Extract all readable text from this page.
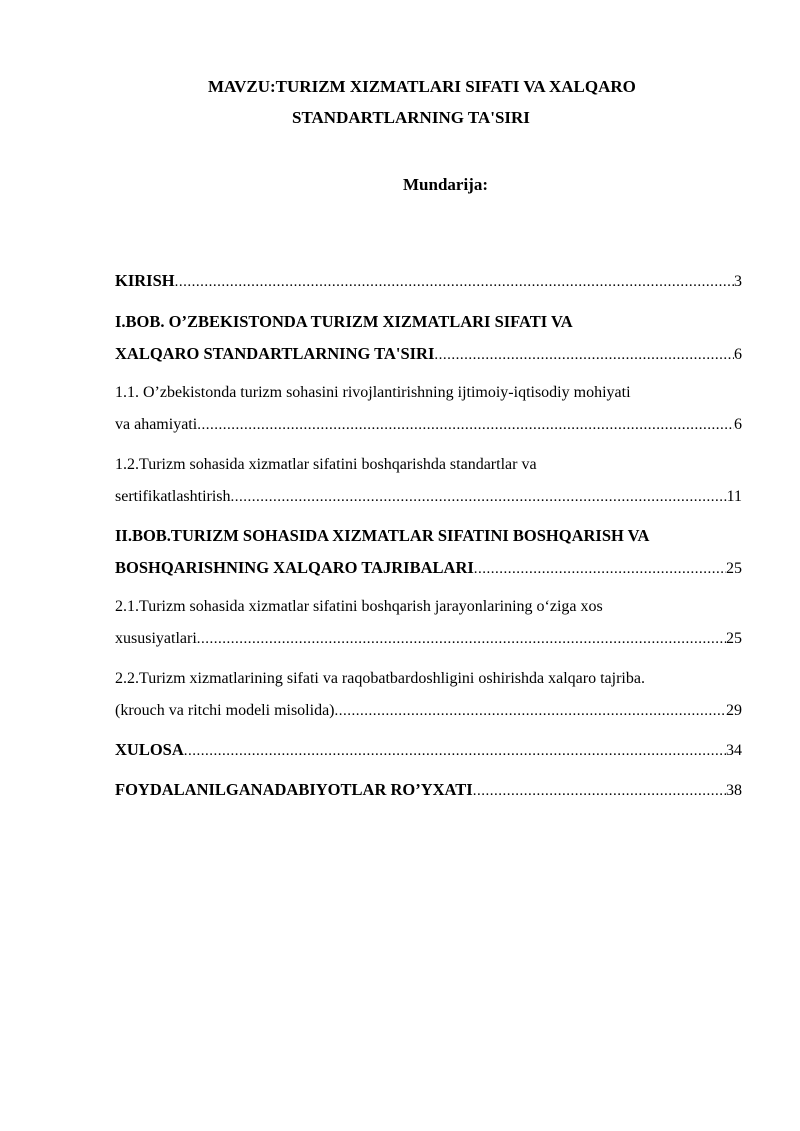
MAVZU:TURIZM XIZMATLARI SIFATI VA XALQARO
STANDARTLARNING TA'SIRI
Mundarija:
KIRISH .....	3
I.BOB. O’ZBEKISTONDA TURIZM XIZMATLARI SIFATI VA
XALQARO STANDARTLARNING TA'SIRI .....	6
1.1. O’zbekistonda turizm sohasini rivojlantirishning ijtimoiy-iqtisodiy mohiyati
va ahamiyati .....	6
1.2.Turizm sohasida xizmatlar sifatini boshqarishda standartlar va
sertifikatlashtirish .....	11
II.BOB.TURIZM SOHASIDA XIZMATLAR SIFATINI BOSHQARISH VA
BOSHQARISHNING XALQARO TAJRIBALARI .....	25
2.1.Turizm sohasida xizmatlar sifatini boshqarish jarayonlarining o‘ziga xos
xususiyatlari .....	25
2.2.Turizm xizmatlarining sifati va raqobatbardoshligini oshirishda xalqaro tajriba.
(krouch va ritchi modeli misolida) .....	29
XULOSA .....	34
FOYDALANILGANADABIYOTLAR RO’YXATI .....	38
